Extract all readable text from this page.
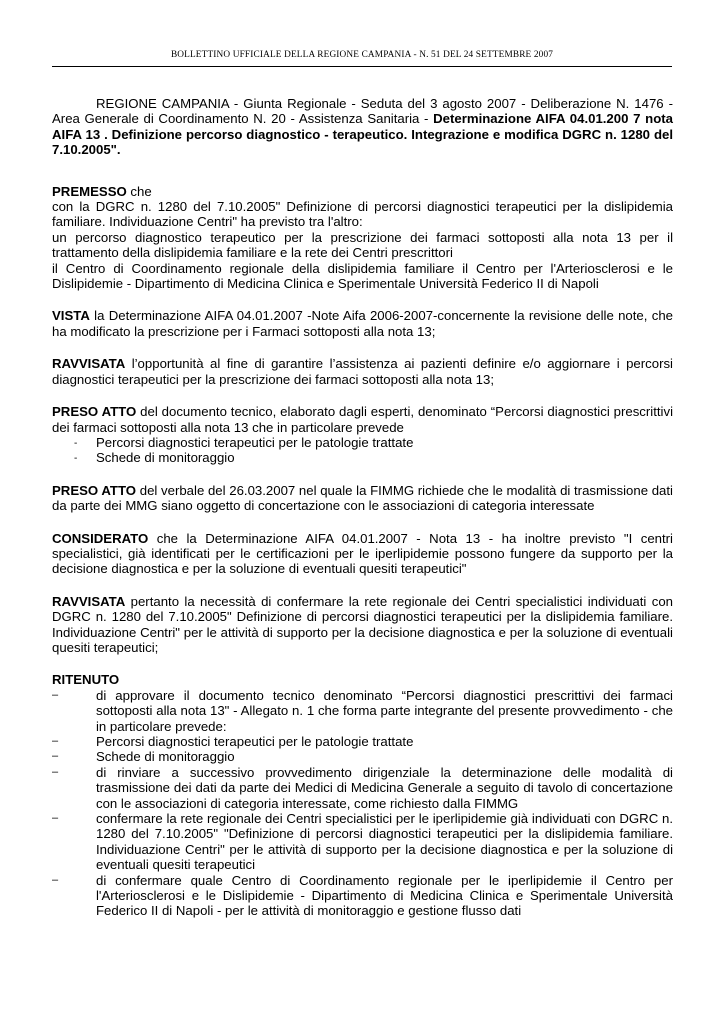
BOLLETTINO UFFICIALE DELLA REGIONE CAMPANIA - N. 51 DEL 24 SETTEMBRE 2007

REGIONE CAMPANIA - Giunta Regionale - Seduta del 3 agosto 2007 - Deliberazione N. 1476 - Area Generale di Coordinamento N. 20 - Assistenza Sanitaria - Determinazione AIFA 04.01.200 7 nota AIFA 13 . Definizione percorso diagnostico - terapeutico. Integrazione e modifica DGRC n. 1280 del 7.10.2005".

PREMESSO che
con la DGRC n. 1280 del 7.10.2005" Definizione di percorsi diagnostici terapeutici per la dislipidemia familiare. Individuazione Centri" ha previsto tra l'altro:
un percorso diagnostico terapeutico per la prescrizione dei farmaci sottoposti alla nota 13 per il trattamento della dislipidemia familiare e la rete dei Centri prescrittori
il Centro di Coordinamento regionale della dislipidemia familiare il Centro per l'Arteriosclerosi e le Dislipidemie - Dipartimento di Medicina Clinica e Sperimentale Università Federico II di Napoli

VISTA la Determinazione AIFA 04.01.2007 -Note Aifa 2006-2007-concernente la revisione delle note, che ha modificato la prescrizione per i Farmaci sottoposti alla nota 13;

RAVVISATA l’opportunità al fine di garantire l’assistenza ai pazienti definire e/o aggiornare i percorsi diagnostici terapeutici per la prescrizione dei farmaci sottoposti alla nota 13;

PRESO ATTO del documento tecnico, elaborato dagli esperti, denominato “Percorsi diagnostici prescrittivi dei farmaci sottoposti alla nota 13 che in particolare prevede

- Percorsi diagnostici terapeutici per le patologie trattate
- Schede di monitoraggio

PRESO ATTO del verbale del 26.03.2007 nel quale la FIMMG richiede che le modalità di trasmissione dati da parte dei MMG siano oggetto di concertazione con le associazioni di categoria interessate

CONSIDERATO che la Determinazione AIFA 04.01.2007 - Nota 13 - ha inoltre previsto "I centri specialistici, già identificati per le certificazioni per le iperlipidemie possono fungere da supporto per la decisione diagnostica e per la soluzione di eventuali quesiti terapeutici"

RAVVISATA pertanto la necessità di confermare la rete regionale dei Centri specialistici individuati con DGRC n. 1280 del 7.10.2005" Definizione di percorsi diagnostici terapeutici per la dislipidemia familiare. Individuazione Centri" per le attività di supporto per la decisione diagnostica e per la soluzione di eventuali quesiti terapeutici;

RITENUTO

– di approvare il documento tecnico denominato “Percorsi diagnostici prescrittivi dei farmaci sottoposti alla nota 13" - Allegato n. 1 che forma parte integrante del presente provvedimento - che in particolare prevede:
– Percorsi diagnostici terapeutici per le patologie trattate
– Schede di monitoraggio
– di rinviare a successivo provvedimento dirigenziale la determinazione delle modalità di trasmissione dei dati da parte dei Medici di Medicina Generale a seguito di tavolo di concertazione con le associazioni di categoria interessate, come richiesto dalla FIMMG
– confermare la rete regionale dei Centri specialistici per le iperlipidemie già individuati con DGRC n. 1280 del 7.10.2005" "Definizione di percorsi diagnostici terapeutici per la dislipidemia familiare. Individuazione Centri" per le attività di supporto per la decisione diagnostica e per la soluzione di eventuali quesiti terapeutici
– di confermare quale Centro di Coordinamento regionale per le iperlipidemie il Centro per l'Arteriosclerosi e le Dislipidemie - Dipartimento di Medicina Clinica e Sperimentale Università Federico II di Napoli - per le attività di monitoraggio e gestione flusso dati
